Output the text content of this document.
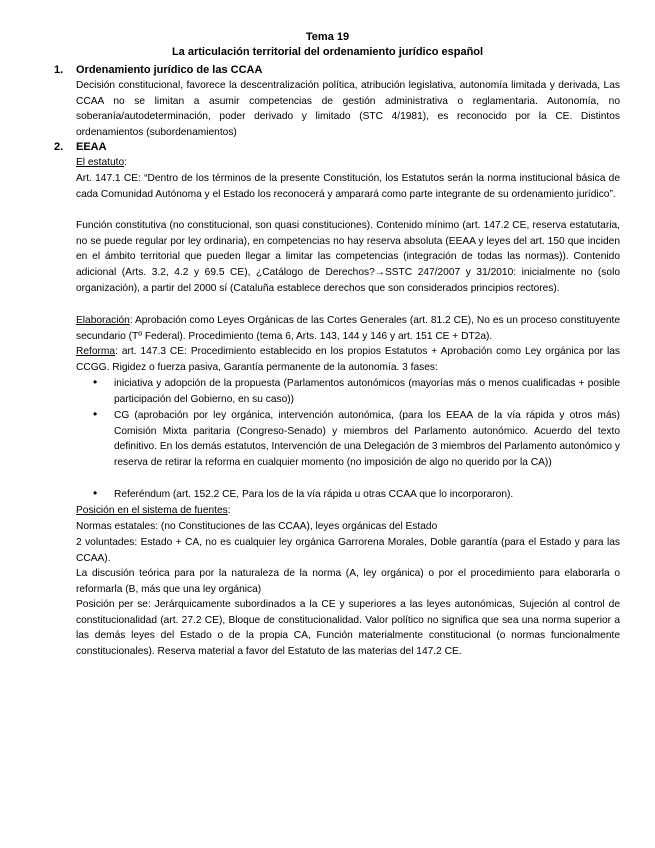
Tema 19
La articulación territorial del ordenamiento jurídico español
1. Ordenamiento jurídico de las CCAA
Decisión constitucional, favorece la descentralización política, atribución legislativa, autonomía limitada y derivada, Las CCAA no se limitan a asumir competencias de gestión administrativa o reglamentaria. Autonomía, no soberanía/autodeterminación, poder derivado y limitado (STC 4/1981), es reconocido por la CE. Distintos ordenamientos (subordenamientos)
2. EEAA
El estatuto:
Art. 147.1 CE: “Dentro de los términos de la presente Constitución, los Estatutos serán la norma institucional básica de cada Comunidad Autónoma y el Estado los reconocerá y amparará como parte integrante de su ordenamiento jurídico”.
Función constitutiva (no constitucional, son quasi constituciones). Contenido mínimo (art. 147.2 CE, reserva estatutaria, no se puede regular por ley ordinaria), en competencias no hay reserva absoluta (EEAA y leyes del art. 150 que inciden en el ámbito territorial que pueden llegar a limitar las competencias (integración de todas las normas)). Contenido adicional (Arts. 3.2, 4.2 y 69.5 CE), ¿Catálogo de Derechos?→SSTC 247/2007 y 31/2010: inicialmente no (solo organización), a partir del 2000 sí (Cataluña establece derechos que son considerados principios rectores).
Elaboración: Aprobación como Leyes Orgánicas de las Cortes Generales (art. 81.2 CE), No es un proceso constituyente secundario (Tº Federal). Procedimiento (tema 6, Arts. 143, 144 y 146 y art. 151 CE + DT2a).
Reforma: art. 147.3 CE: Procedimiento establecido en los propios Estatutos + Aprobación como Ley orgánica por las CCGG. Rigidez o fuerza pasiva, Garantía permanente de la autonomía. 3 fases:
• iniciativa y adopción de la propuesta (Parlamentos autonómicos (mayorías más o menos cualificadas + posible participación del Gobierno, en su caso))
• CG (aprobación por ley orgánica, intervención autonómica, (para los EEAA de la vía rápida y otros más) Comisión Mixta paritaria (Congreso-Senado) y miembros del Parlamento autonómico. Acuerdo del texto definitivo. En los demás estatutos, Intervención de una Delegación de 3 miembros del Parlamento autonómico y reserva de retirar la reforma en cualquier momento (no imposición de algo no querido por la CA))
• Referéndum (art. 152.2 CE, Para los de la vía rápida u otras CCAA que lo incorporaron).
Posición en el sistema de fuentes:
Normas estatales: (no Constituciones de las CCAA), leyes orgánicas del Estado
2 voluntades: Estado + CA, no es cualquier ley orgánica Garrorena Morales, Doble garantía (para el Estado y para las CCAA).
La discusión teórica para por la naturaleza de la norma (A, ley orgánica) o por el procedimiento para elaborarla o reformarla (B, más que una ley orgánica)
Posición per se: Jerárquicamente subordinados a la CE y superiores a las leyes autonómicas, Sujeción al control de constitucionalidad (art. 27.2 CE), Bloque de constitucionalidad. Valor político no significa que sea una norma superior a las demás leyes del Estado o de la propia CA, Función materialmente constitucional (o normas funcionalmente constitucionales). Reserva material a favor del Estatuto de las materias del 147.2 CE.
